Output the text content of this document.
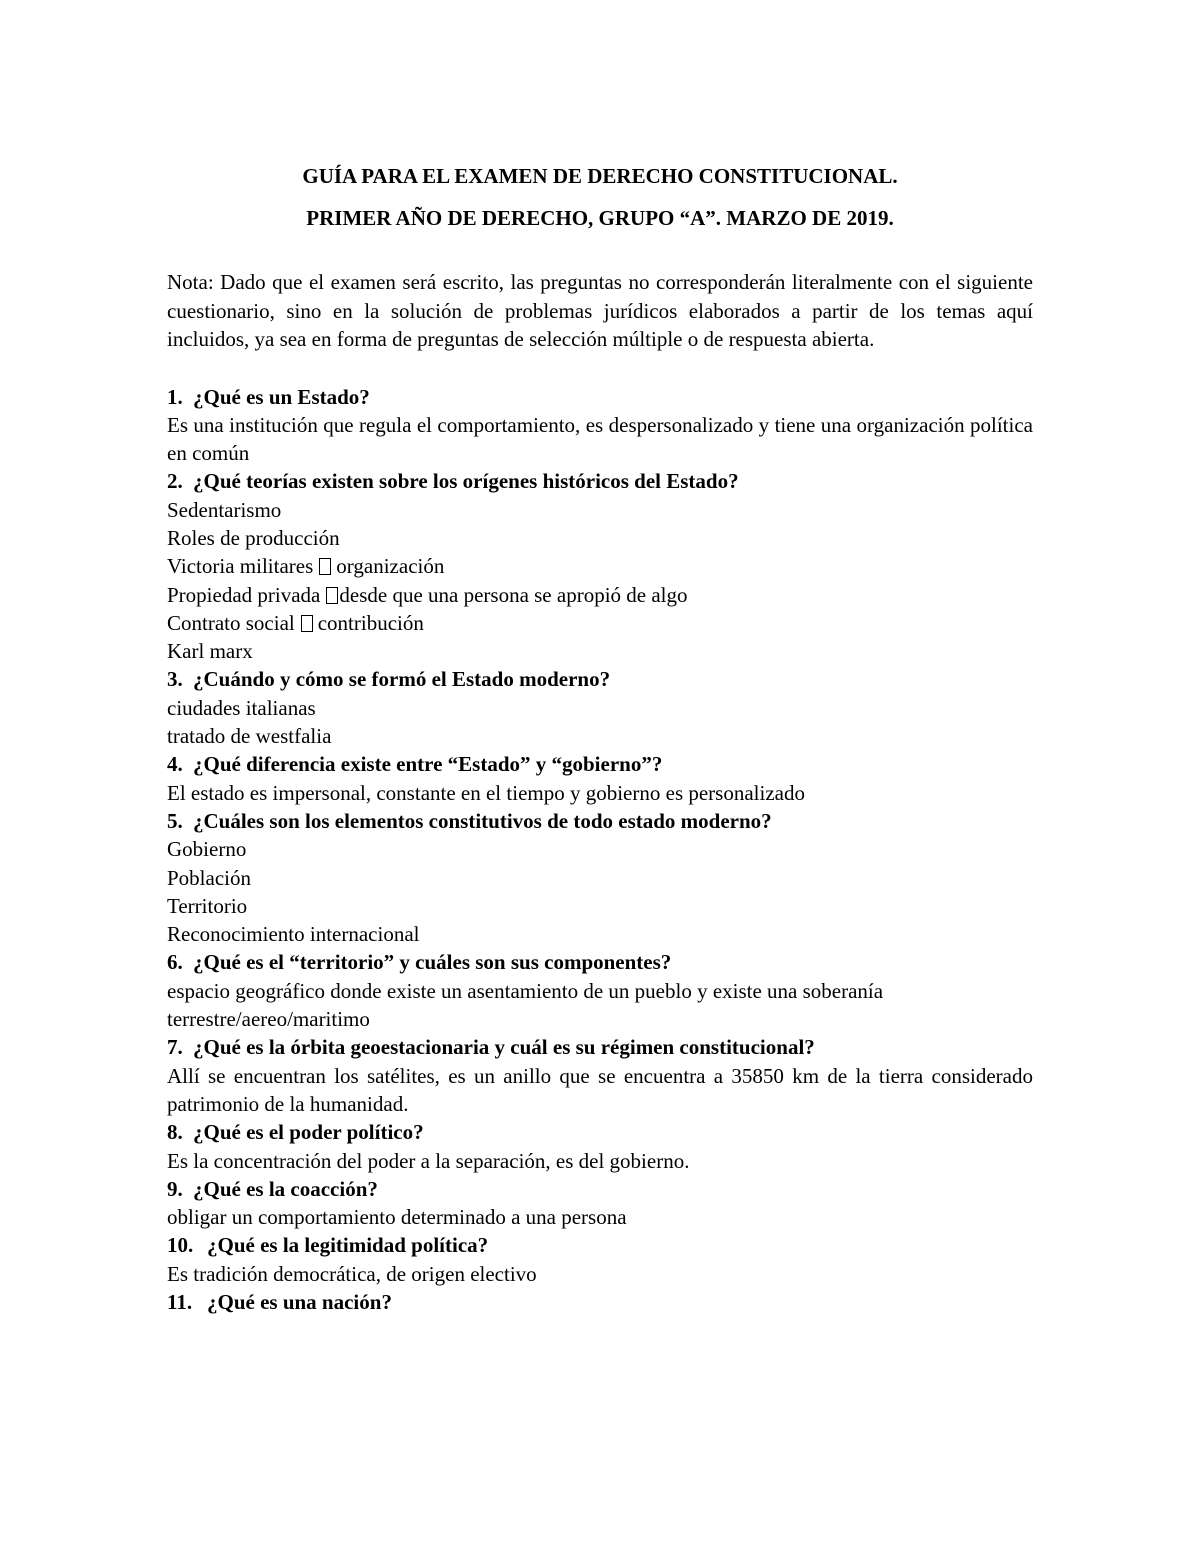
GUÍA PARA EL EXAMEN DE DERECHO CONSTITUCIONAL.

PRIMER AÑO DE DERECHO, GRUPO “A”. MARZO DE 2019.

Nota: Dado que el examen será escrito, las preguntas no corresponderán literalmente con el siguiente cuestionario, sino en la solución de problemas jurídicos elaborados a partir de los temas aquí incluidos, ya sea en forma de preguntas de selección múltiple o de respuesta abierta.

1. ¿Qué es un Estado?

Es una institución que regula el comportamiento, es despersonalizado y tiene una organización política en común

2. ¿Qué teorías existen sobre los orígenes históricos del Estado?

Sedentarismo

Roles de producción

Victoria militares organización

Propiedad privada desde que una persona se apropió de algo

Contrato social contribución

Karl marx

3. ¿Cuándo y cómo se formó el Estado moderno?

ciudades italianas

tratado de westfalia

4. ¿Qué diferencia existe entre “Estado” y “gobierno”?

El estado es impersonal, constante en el tiempo y gobierno es personalizado

5. ¿Cuáles son los elementos constitutivos de todo estado moderno?

Gobierno

Población

Territorio

Reconocimiento internacional

6. ¿Qué es el “territorio” y cuáles son sus componentes?

espacio geográfico donde existe un asentamiento de un pueblo y existe una soberanía

terrestre/aereo/maritimo

7. ¿Qué es la órbita geoestacionaria y cuál es su régimen constitucional?

Allí se encuentran los satélites, es un anillo que se encuentra a 35850 km de la tierra considerado patrimonio de la humanidad.

8. ¿Qué es el poder político?

Es la concentración del poder a la separación, es del gobierno.

9. ¿Qué es la coacción?

obligar un comportamiento determinado a una persona

10. ¿Qué es la legitimidad política?

Es tradición democrática, de origen electivo

11. ¿Qué es una nación?
